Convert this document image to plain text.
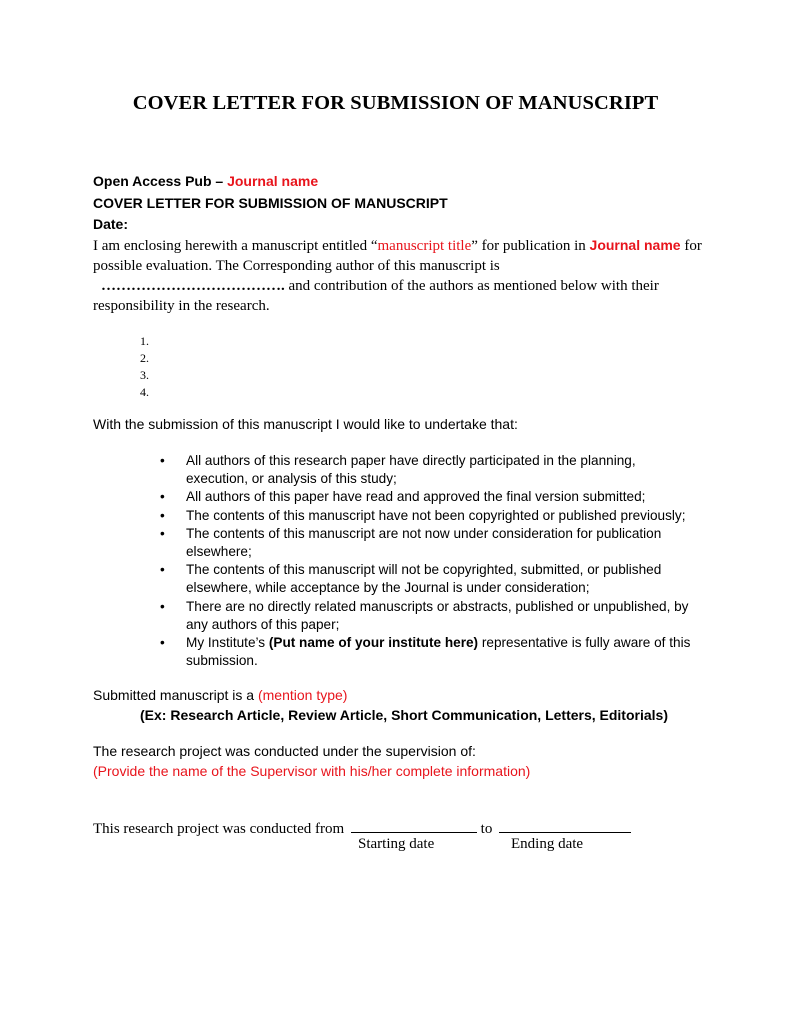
COVER LETTER FOR SUBMISSION OF MANUSCRIPT
Open Access Pub – Journal name
COVER LETTER FOR SUBMISSION OF MANUSCRIPT
Date:
I am enclosing herewith a manuscript entitled “manuscript title” for publication in Journal name for
possible evaluation. The Corresponding author of this manuscript is
………………………………. and contribution of the authors as mentioned below with their
responsibility in the research.
1.
2.
3.
4.
With the submission of this manuscript I would like to undertake that:
• All authors of this research paper have directly participated in the planning,
execution, or analysis of this study;
• All authors of this paper have read and approved the final version submitted;
• The contents of this manuscript have not been copyrighted or published previously;
• The contents of this manuscript are not now under consideration for publication
elsewhere;
• The contents of this manuscript will not be copyrighted, submitted, or published
elsewhere, while acceptance by the Journal is under consideration;
• There are no directly related manuscripts or abstracts, published or unpublished, by
any authors of this paper;
• My Institute’s (Put name of your institute here) representative is fully aware of this
submission.
Submitted manuscript is a (mention type)
(Ex: Research Article, Review Article, Short Communication, Letters, Editorials)
The research project was conducted under the supervision of:
(Provide the name of the Supervisor with his/her complete information)
This research project was conducted from	to
Starting date	Ending date
